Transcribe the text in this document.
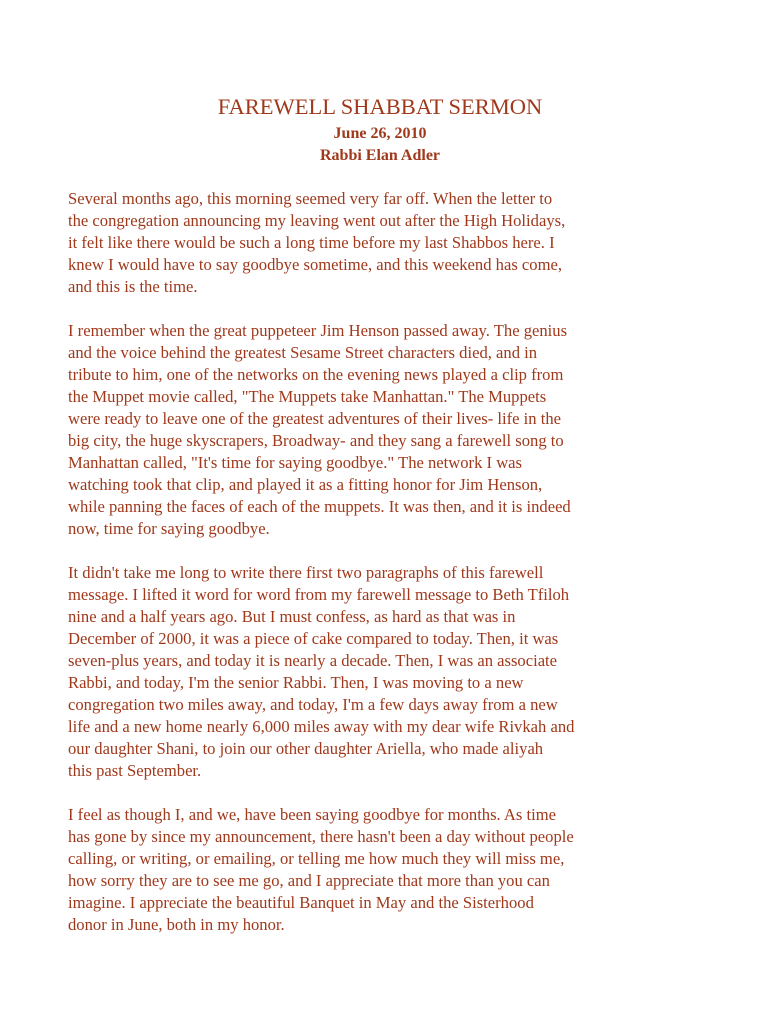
FAREWELL SHABBAT SERMON

June 26, 2010

Rabbi Elan Adler

Several months ago, this morning seemed very far off. When the letter to
the congregation announcing my leaving went out after the High Holidays,
it felt like there would be such a long time before my last Shabbos here. I
knew I would have to say goodbye sometime, and this weekend has come,
and this is the time.

I remember when the great puppeteer Jim Henson passed away. The genius
and the voice behind the greatest Sesame Street characters died, and in
tribute to him, one of the networks on the evening news played a clip from
the Muppet movie called, "The Muppets take Manhattan." The Muppets
were ready to leave one of the greatest adventures of their lives- life in the
big city, the huge skyscrapers, Broadway- and they sang a farewell song to
Manhattan called, "It's time for saying goodbye." The network I was
watching took that clip, and played it as a fitting honor for Jim Henson,
while panning the faces of each of the muppets. It was then, and it is indeed
now, time for saying goodbye.

It didn't take me long to write there first two paragraphs of this farewell
message. I lifted it word for word from my farewell message to Beth Tfiloh
nine and a half years ago. But I must confess, as hard as that was in
December of 2000, it was a piece of cake compared to today. Then, it was
seven-plus years, and today it is nearly a decade. Then, I was an associate
Rabbi, and today, I'm the senior Rabbi. Then, I was moving to a new
congregation two miles away, and today, I'm a few days away from a new
life and a new home nearly 6,000 miles away with my dear wife Rivkah and
our daughter Shani, to join our other daughter Ariella, who made aliyah
this past September.

I feel as though I, and we, have been saying goodbye for months. As time
has gone by since my announcement, there hasn't been a day without people
calling, or writing, or emailing, or telling me how much they will miss me,
how sorry they are to see me go, and I appreciate that more than you can
imagine. I appreciate the beautiful Banquet in May and the Sisterhood
donor in June, both in my honor.
